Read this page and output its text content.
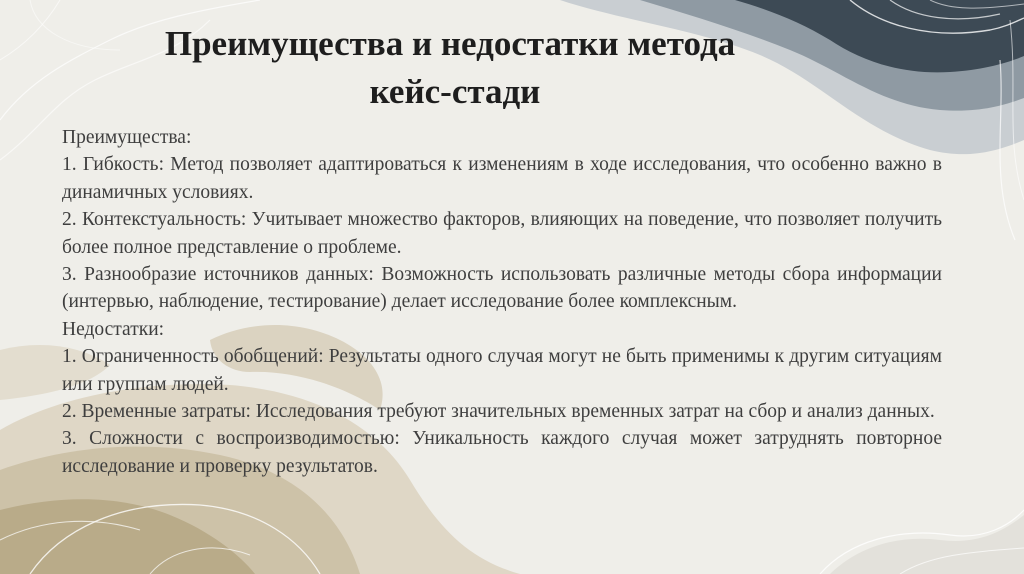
Преимущества и недостатки метода
кейс-стади

Преимущества:

1. Гибкость: Метод позволяет адаптироваться к изменениям в ходе исследования, что особенно важно в динамичных условиях.

2. Контекстуальность: Учитывает множество факторов, влияющих на поведение, что позволяет получить более полное представление о проблеме.

3. Разнообразие источников данных: Возможность использовать различные методы сбора информации (интервью, наблюдение, тестирование) делает исследование более комплексным.

Недостатки:

1. Ограниченность обобщений: Результаты одного случая могут не быть применимы к другим ситуациям или группам людей.

2. Временные затраты: Исследования требуют значительных временных затрат на сбор и анализ данных.

3. Сложности с воспроизводимостью: Уникальность каждого случая может затруднять повторное исследование и проверку результатов.
